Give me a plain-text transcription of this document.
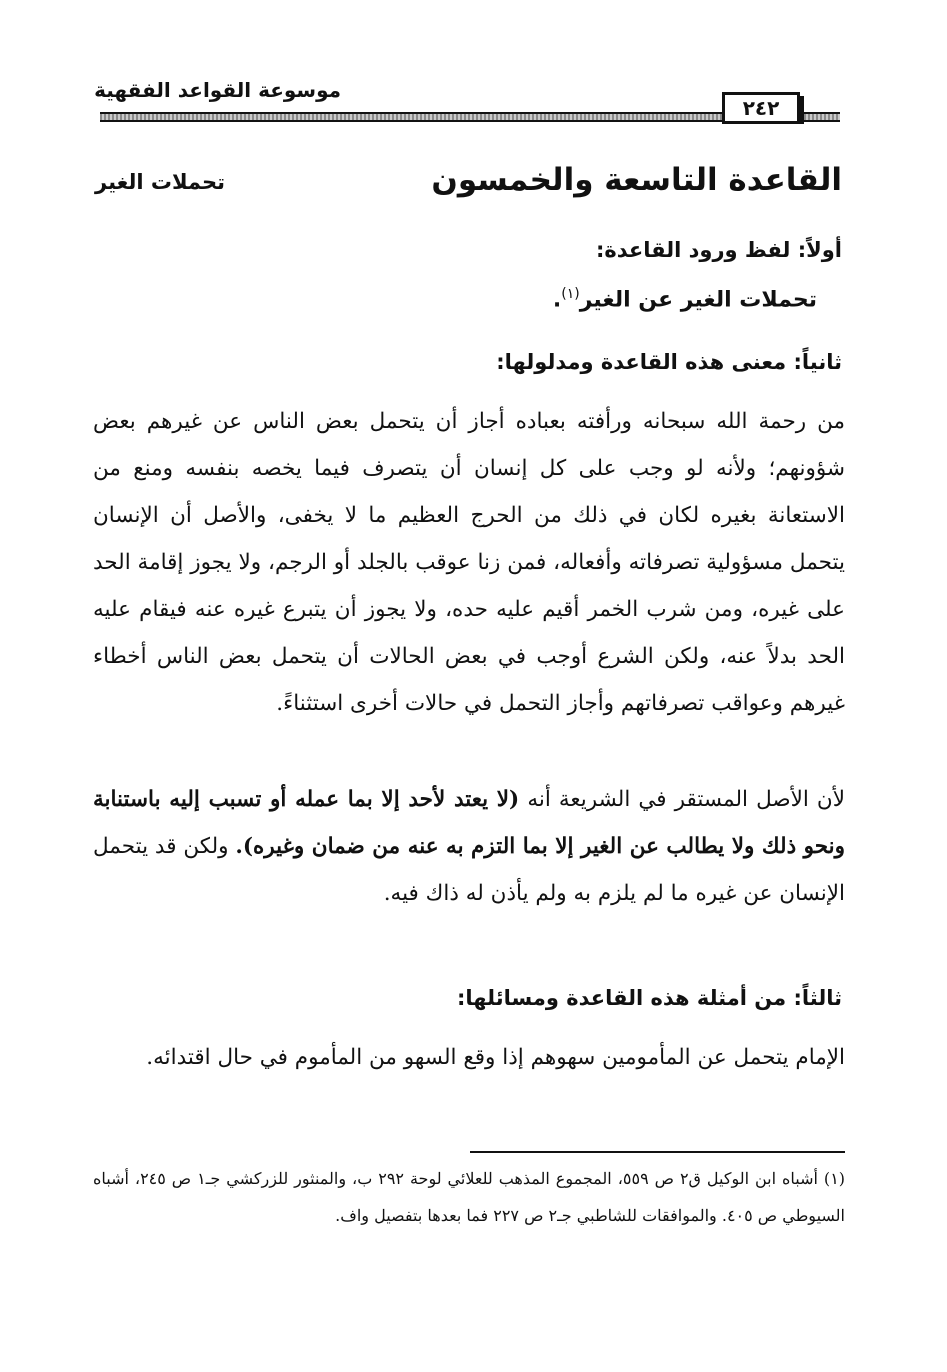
موسوعة القواعد الفقهية
٢٤٢
القاعدة التاسعة والخمسون
تحملات الغير
أولاً: لفظ ورود القاعدة:
تحملات الغير عن الغير$^{(١)}$.
ثانياً: معنى هذه القاعدة ومدلولها:
من رحمة الله سبحانه ورأفته بعباده أجاز أن يتحمل بعض الناس عن غيرهم بعض شؤونهم؛ ولأنه لو وجب على كل إنسان أن يتصرف فيما يخصه بنفسه ومنع من الاستعانة بغيره لكان في ذلك من الحرج العظيم ما لا يخفى، والأصل أن الإنسان يتحمل مسؤولية تصرفاته وأفعاله، فمن زنا عوقب بالجلد أو الرجم، ولا يجوز إقامة الحد على غيره، ومن شرب الخمر أقيم عليه حده، ولا يجوز أن يتبرع غيره عنه فيقام عليه الحد بدلاً عنه، ولكن الشرع أوجب في بعض الحالات أن يتحمل بعض الناس أخطاء غيرهم وعواقب تصرفاتهم وأجاز التحمل في حالات أخرى استثناءً.
لأن الأصل المستقر في الشريعة أنه (لا يعتد لأحد إلا بما عمله أو تسبب إليه باستنابة ونحو ذلك ولا يطالب عن الغير إلا بما التزم به عنه من ضمان وغيره). ولكن قد يتحمل الإنسان عن غيره ما لم يلزم به ولم يأذن له ذاك فيه.
ثالثاً: من أمثلة هذه القاعدة ومسائلها:
الإمام يتحمل عن المأمومين سهوهم إذا وقع السهو من المأموم في حال اقتدائه.
(١) أشباه ابن الوكيل ق٢ ص ٥٥٩، المجموع المذهب للعلائي لوحة ٢٩٢ ب، والمنثور للزركشي جـ١ ص ٢٤٥، أشباه السيوطي ص ٤٠٥. والموافقات للشاطبي جـ٢ ص ٢٢٧ فما بعدها بتفصيل واف.
